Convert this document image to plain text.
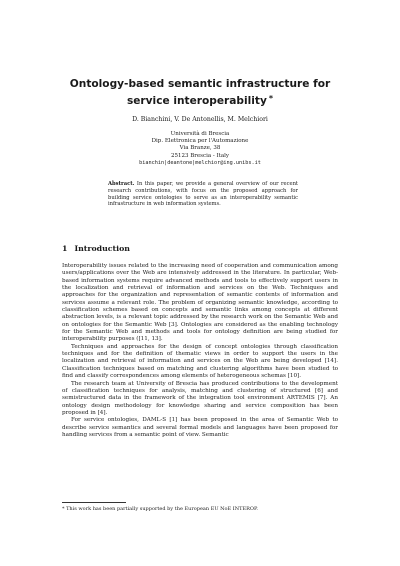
Ontology-based semantic infrastructure for service interoperability *
D. Bianchini, V. De Antonellis, M. Melchiori
Università di Brescia
Dip. Elettronica per l'Automazione
Via Branze, 38
25123 Brescia - Italy
bianchin|deantone|melchior@ing.unibs.it
Abstract. In this paper, we provide a general overview of our recent research contributions, with focus on the proposed approach for building service ontologies to serve as an interoperability semantic infrastructure in web information systems.
1 Introduction

Interoperability issues related to the increasing need of cooperation and communication among users/applications over the Web are intensively addressed in the literature. In particular, Web-based information systems require advanced methods and tools to effectively support users in the localization and retrieval of information and services on the Web. Techniques and approaches for the organization and representation of semantic contents of information and services assume a relevant role. The problem of organizing semantic knowledge, according to classification schemes based on concepts and semantic links among concepts at different abstraction levels, is a relevant topic addressed by the research work on the Semantic Web and on ontologies for the Semantic Web [3]. Ontologies are considered as the enabling technology for the Semantic Web and methods and tools for ontology definition are being studied for interoperability purposes ([11, 13].

Techniques and approaches for the design of concept ontologies through classification techniques and for the definition of thematic views in order to support the users in the localization and retrieval of information and services on the Web are being developed [14]. Classification techniques based on matching and clustering algorithms have been studied to find and classify correspondences among elements of heterogeneous schemas [10].

The research team at University of Brescia has produced contributions to the development of classification techniques for analysis, matching and clustering of structured [6] and semistructured data in the framework of the integration tool environment ARTEMIS [7]. An ontology design methodology for knowledge sharing and service composition has been proposed in [4].

For service ontologies, DAML-S [1] has been proposed in the area of Semantic Web to describe service semantics and several formal models and languages have been proposed for handling services from a semantic point of view. Semantic

* This work has been partially supported by the European EU NoE INTEROP.
